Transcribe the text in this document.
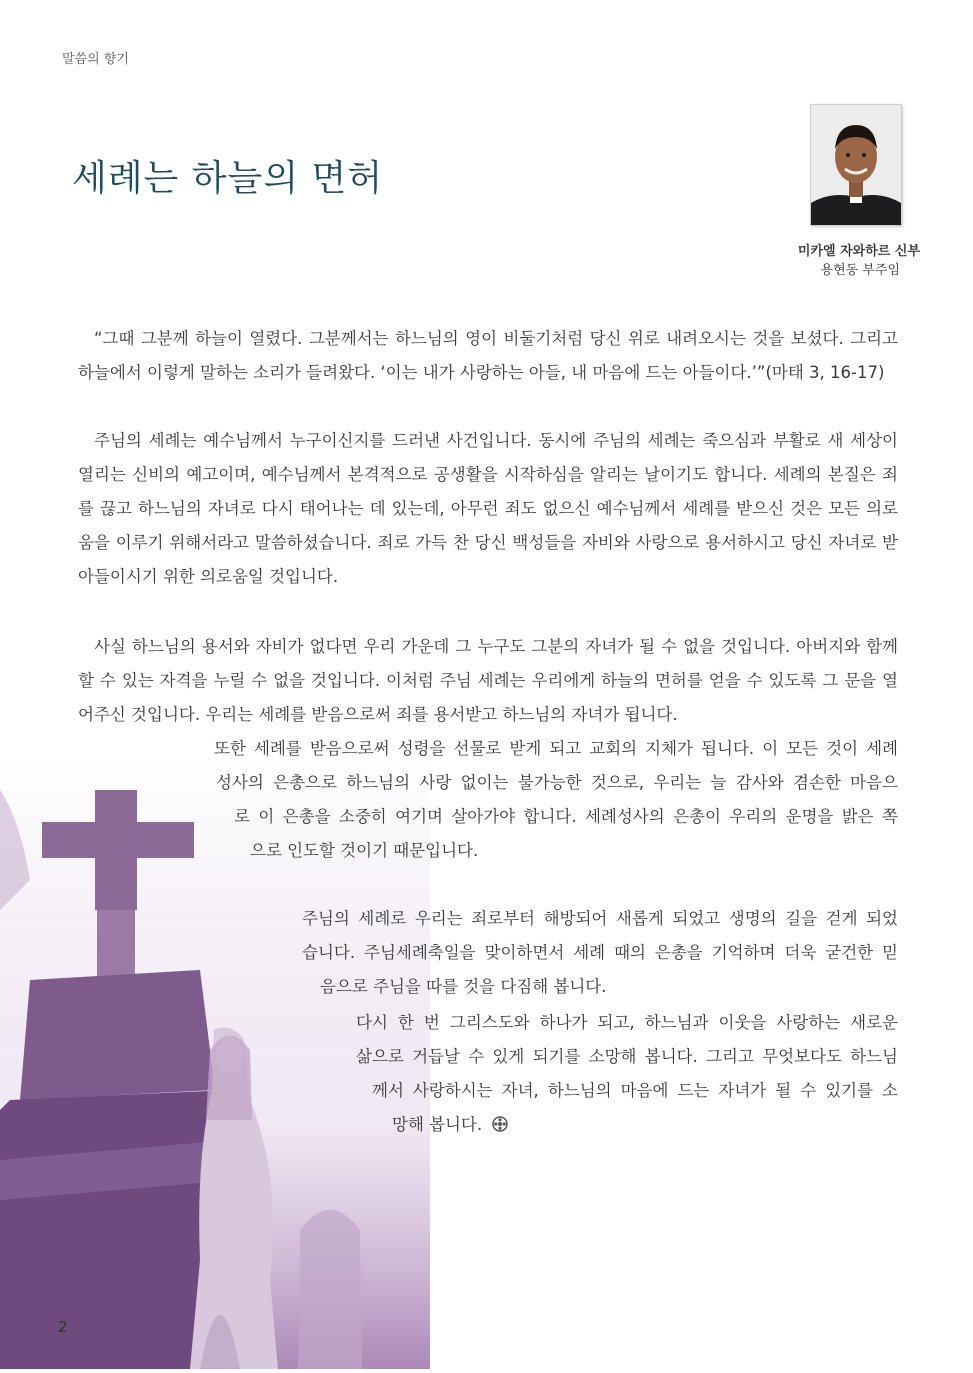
말씀의 향기
세례는 하늘의 면허
미카엘 자와하르 신부
용현동 부주임

“그때 그분께 하늘이 열렸다. 그분께서는 하느님의 영이 비둘기처럼 당신 위로 내려오시는 것을 보셨다. 그리고 하늘에서 이렇게 말하는 소리가 들려왔다. ‘이는 내가 사랑하는 아들, 내 마음에 드는 아들이다.’”(마태 3, 16-17)

주님의 세례는 예수님께서 누구이신지를 드러낸 사건입니다. 동시에 주님의 세례는 죽으심과 부활로 새 세상이 열리는 신비의 예고이며, 예수님께서 본격적으로 공생활을 시작하심을 알리는 날이기도 합니다. 세례의 본질은 죄를 끊고 하느님의 자녀로 다시 태어나는 데 있는데, 아무런 죄도 없으신 예수님께서 세례를 받으신 것은 모든 의로움을 이루기 위해서라고 말씀하셨습니다. 죄로 가득 찬 당신 백성들을 자비와 사랑으로 용서하시고 당신 자녀로 받아들이시기 위한 의로움일 것입니다.

사실 하느님의 용서와 자비가 없다면 우리 가운데 그 누구도 그분의 자녀가 될 수 없을 것입니다. 아버지와 함께 할 수 있는 자격을 누릴 수 없을 것입니다. 이처럼 주님 세례는 우리에게 하늘의 면허를 얻을 수 있도록 그 문을 열어주신 것입니다. 우리는 세례를 받음으로써 죄를 용서받고 하느님의 자녀가 됩니다.

또한 세례를 받음으로써 성령을 선물로 받게 되고 교회의 지체가 됩니다. 이 모든 것이 세례
성사의 은총으로 하느님의 사랑 없이는 불가능한 것으로, 우리는 늘 감사와 겸손한 마음으
로 이 은총을 소중히 여기며 살아가야 합니다. 세례성사의 은총이 우리의 운명을 밝은 쪽
으로 인도할 것이기 때문입니다.
주님의 세례로 우리는 죄로부터 해방되어 새롭게 되었고 생명의 길을 걷게 되었
습니다. 주님세례축일을 맞이하면서 세례 때의 은총을 기억하며 더욱 굳건한 믿
음으로 주님을 따를 것을 다짐해 봅니다.
다시 한 번 그리스도와 하나가 되고, 하느님과 이웃을 사랑하는 새로운
삶으로 거듭날 수 있게 되기를 소망해 봅니다. 그리고 무엇보다도 하느님
께서 사랑하시는 자녀, 하느님의 마음에 드는 자녀가 될 수 있기를 소
망해 봅니다.
2
